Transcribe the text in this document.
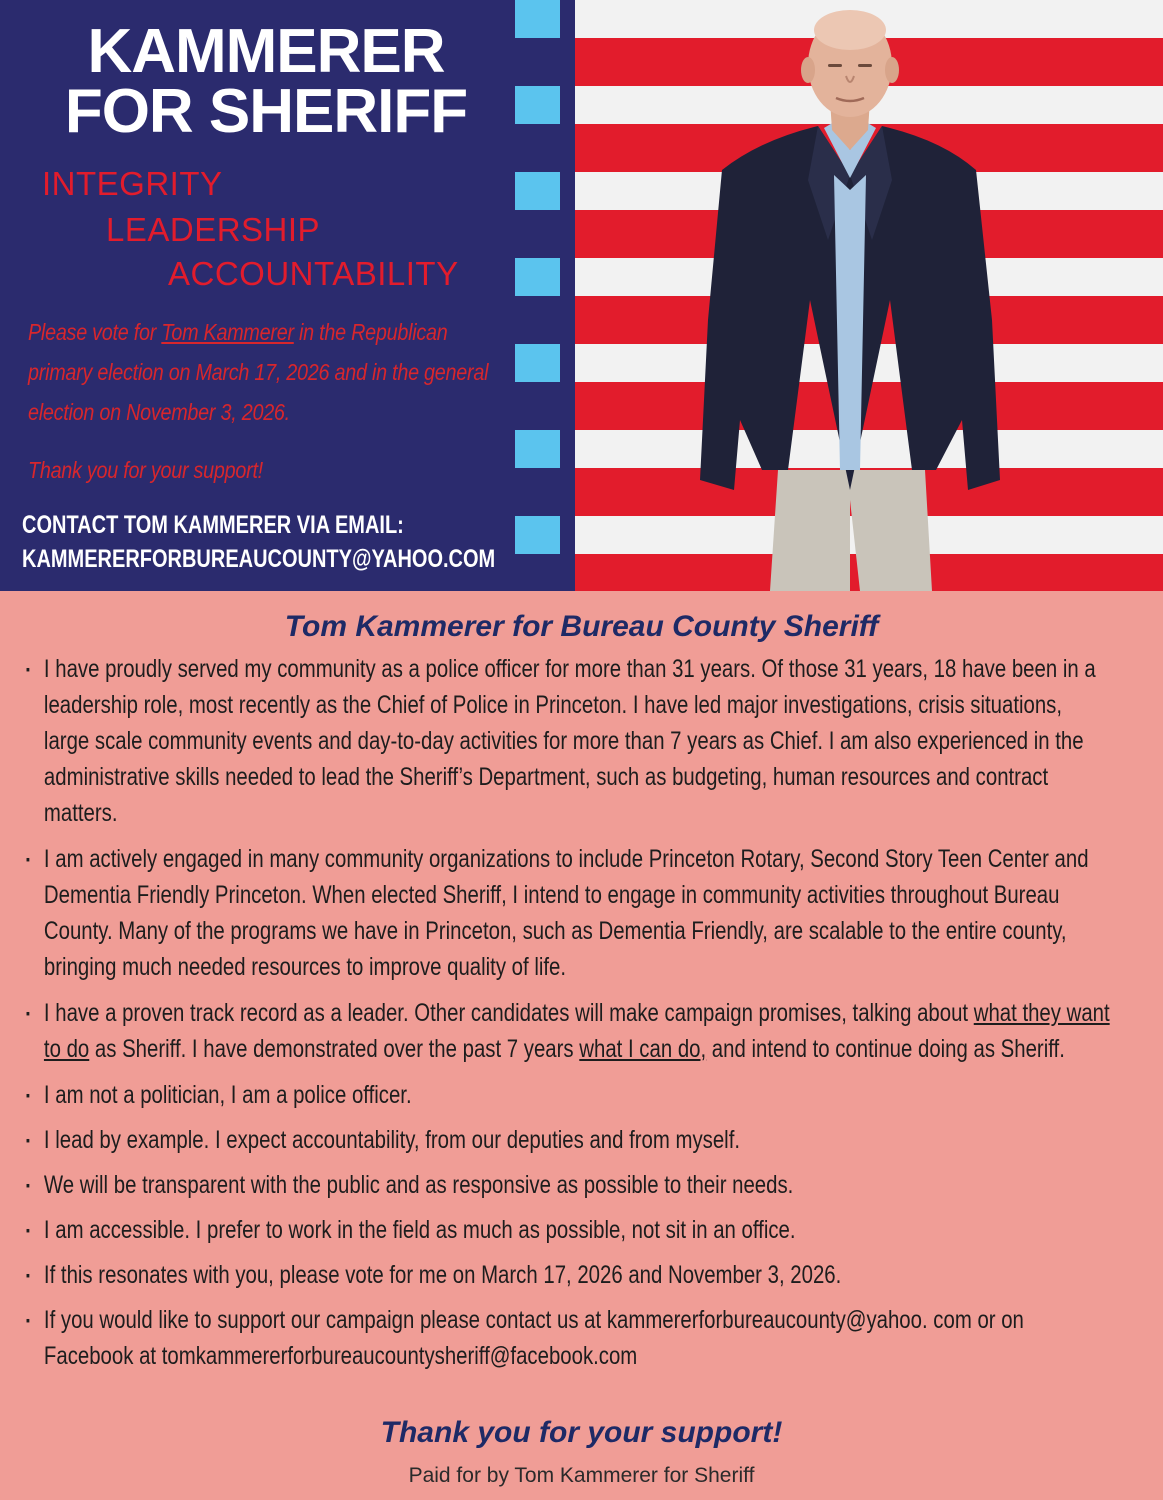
KAMMERER
FOR SHERIFF

INTEGRITY

LEADERSHIP

ACCOUNTABILITY

Please vote for Tom Kammerer in the Republican primary election on March 17, 2026 and in the general election on November 3, 2026.

Thank you for your support!

CONTACT TOM KAMMERER VIA EMAIL:
KAMMERERFORBUREAUCOUNTY@YAHOO.COM

Tom Kammerer for Bureau County Sheriff
▪ I have proudly served my community as a police officer for more than 31 years. Of those 31 years, 18 have been in a leadership role, most recently as the Chief of Police in Princeton. I have led major investigations, crisis situations, large scale community events and day-to-day activities for more than 7 years as Chief. I am also experienced in the administrative skills needed to lead the Sheriff’s Department, such as budgeting, human resources and contract matters.
▪ I am actively engaged in many community organizations to include Princeton Rotary, Second Story Teen Center and Dementia Friendly Princeton. When elected Sheriff, I intend to engage in community activities throughout Bureau County. Many of the programs we have in Princeton, such as Dementia Friendly, are scalable to the entire county, bringing much needed resources to improve quality of life.
▪ I have a proven track record as a leader. Other candidates will make campaign promises, talking about what they want to do as Sheriff. I have demonstrated over the past 7 years what I can do, and intend to continue doing as Sheriff.
▪ I am not a politician, I am a police officer.
▪ I lead by example. I expect accountability, from our deputies and from myself.
▪ We will be transparent with the public and as responsive as possible to their needs.
▪ I am accessible. I prefer to work in the field as much as possible, not sit in an office.
▪ If this resonates with you, please vote for me on March 17, 2026 and November 3, 2026.
▪ If you would like to support our campaign please contact us at kammererforbureaucounty@yahoo. com or on Facebook at tomkammererforbureaucountysheriff@facebook.com

Thank you for your support!

Paid for by Tom Kammerer for Sheriff
